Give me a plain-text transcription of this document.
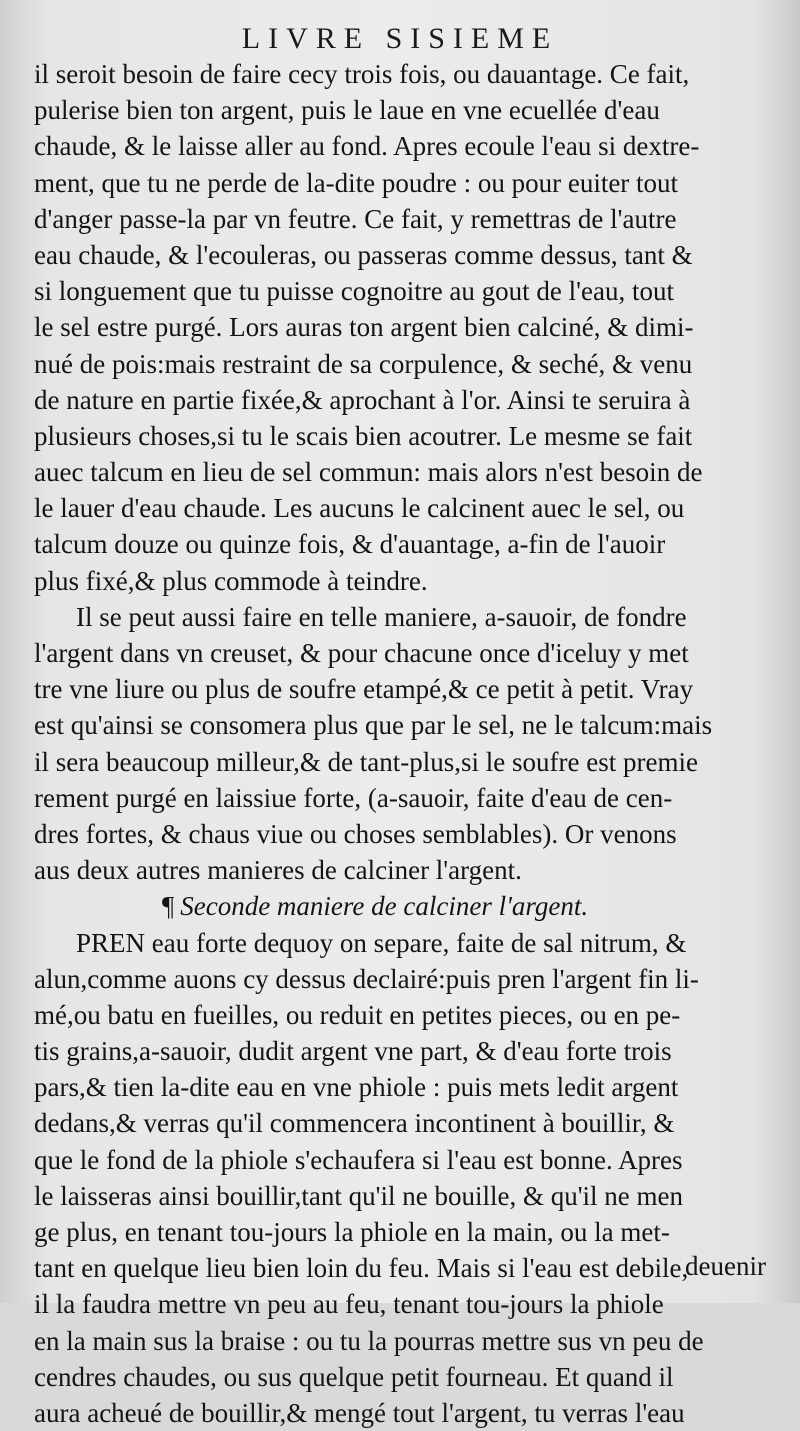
LIVRE SISIEME
il seroit besoin de faire cecy trois fois, ou dauantage. Ce fait,
pulerise bien ton argent, puis le laue en vne ecuellée d'eau
chaude, & le laisse aller au fond. Apres ecoule l'eau si dextre-
ment, que tu ne perde de la-dite poudre : ou pour euiter tout
d'anger passe-la par vn feutre. Ce fait, y remettras de l'autre
eau chaude, & l'ecouleras, ou passeras comme dessus, tant &
si longuement que tu puisse cognoitre au gout de l'eau, tout
le sel estre purgé. Lors auras ton argent bien calciné, & dimi-
nué de pois:mais restraint de sa corpulence, & seché, & venu
de nature en partie fixée,& aprochant à l'or. Ainsi te seruira à
plusieurs choses,si tu le scais bien acoutrer. Le mesme se fait
auec talcum en lieu de sel commun: mais alors n'est besoin de
le lauer d'eau chaude. Les aucuns le calcinent auec le sel, ou
talcum douze ou quinze fois, & d'auantage, a-fin de l'auoir
plus fixé,& plus commode à teindre.
Il se peut aussi faire en telle maniere, a-sauoir, de fondre
l'argent dans vn creuset, & pour chacune once d'iceluy y met
tre vne liure ou plus de soufre etampé,& ce petit à petit. Vray
est qu'ainsi se consomera plus que par le sel, ne le talcum:mais
il sera beaucoup milleur,& de tant-plus,si le soufre est premie
rement purgé en laissiue forte, (a-sauoir, faite d'eau de cen-
dres fortes, & chaus viue ou choses semblables). Or venons
aus deux autres manieres de calciner l'argent.
¶ Seconde maniere de calciner l'argent.
PREN eau forte dequoy on separe, faite de sal nitrum, &
alun,comme auons cy dessus declairé:puis pren l'argent fin li-
mé,ou batu en fueilles, ou reduit en petites pieces, ou en pe-
tis grains,a-sauoir, dudit argent vne part, & d'eau forte trois
pars,& tien la-dite eau en vne phiole : puis mets ledit argent
dedans,& verras qu'il commencera incontinent à bouillir, &
que le fond de la phiole s'echaufera si l'eau est bonne. Apres
le laisseras ainsi bouillir,tant qu'il ne bouille, & qu'il ne men
ge plus, en tenant tou-jours la phiole en la main, ou la met-
tant en quelque lieu bien loin du feu. Mais si l'eau est debile,
il la faudra mettre vn peu au feu, tenant tou-jours la phiole
en la main sus la braise : ou tu la pourras mettre sus vn peu de
cendres chaudes, ou sus quelque petit fourneau. Et quand il
aura acheué de bouillir,& mengé tout l'argent, tu verras l'eau
deuenir
